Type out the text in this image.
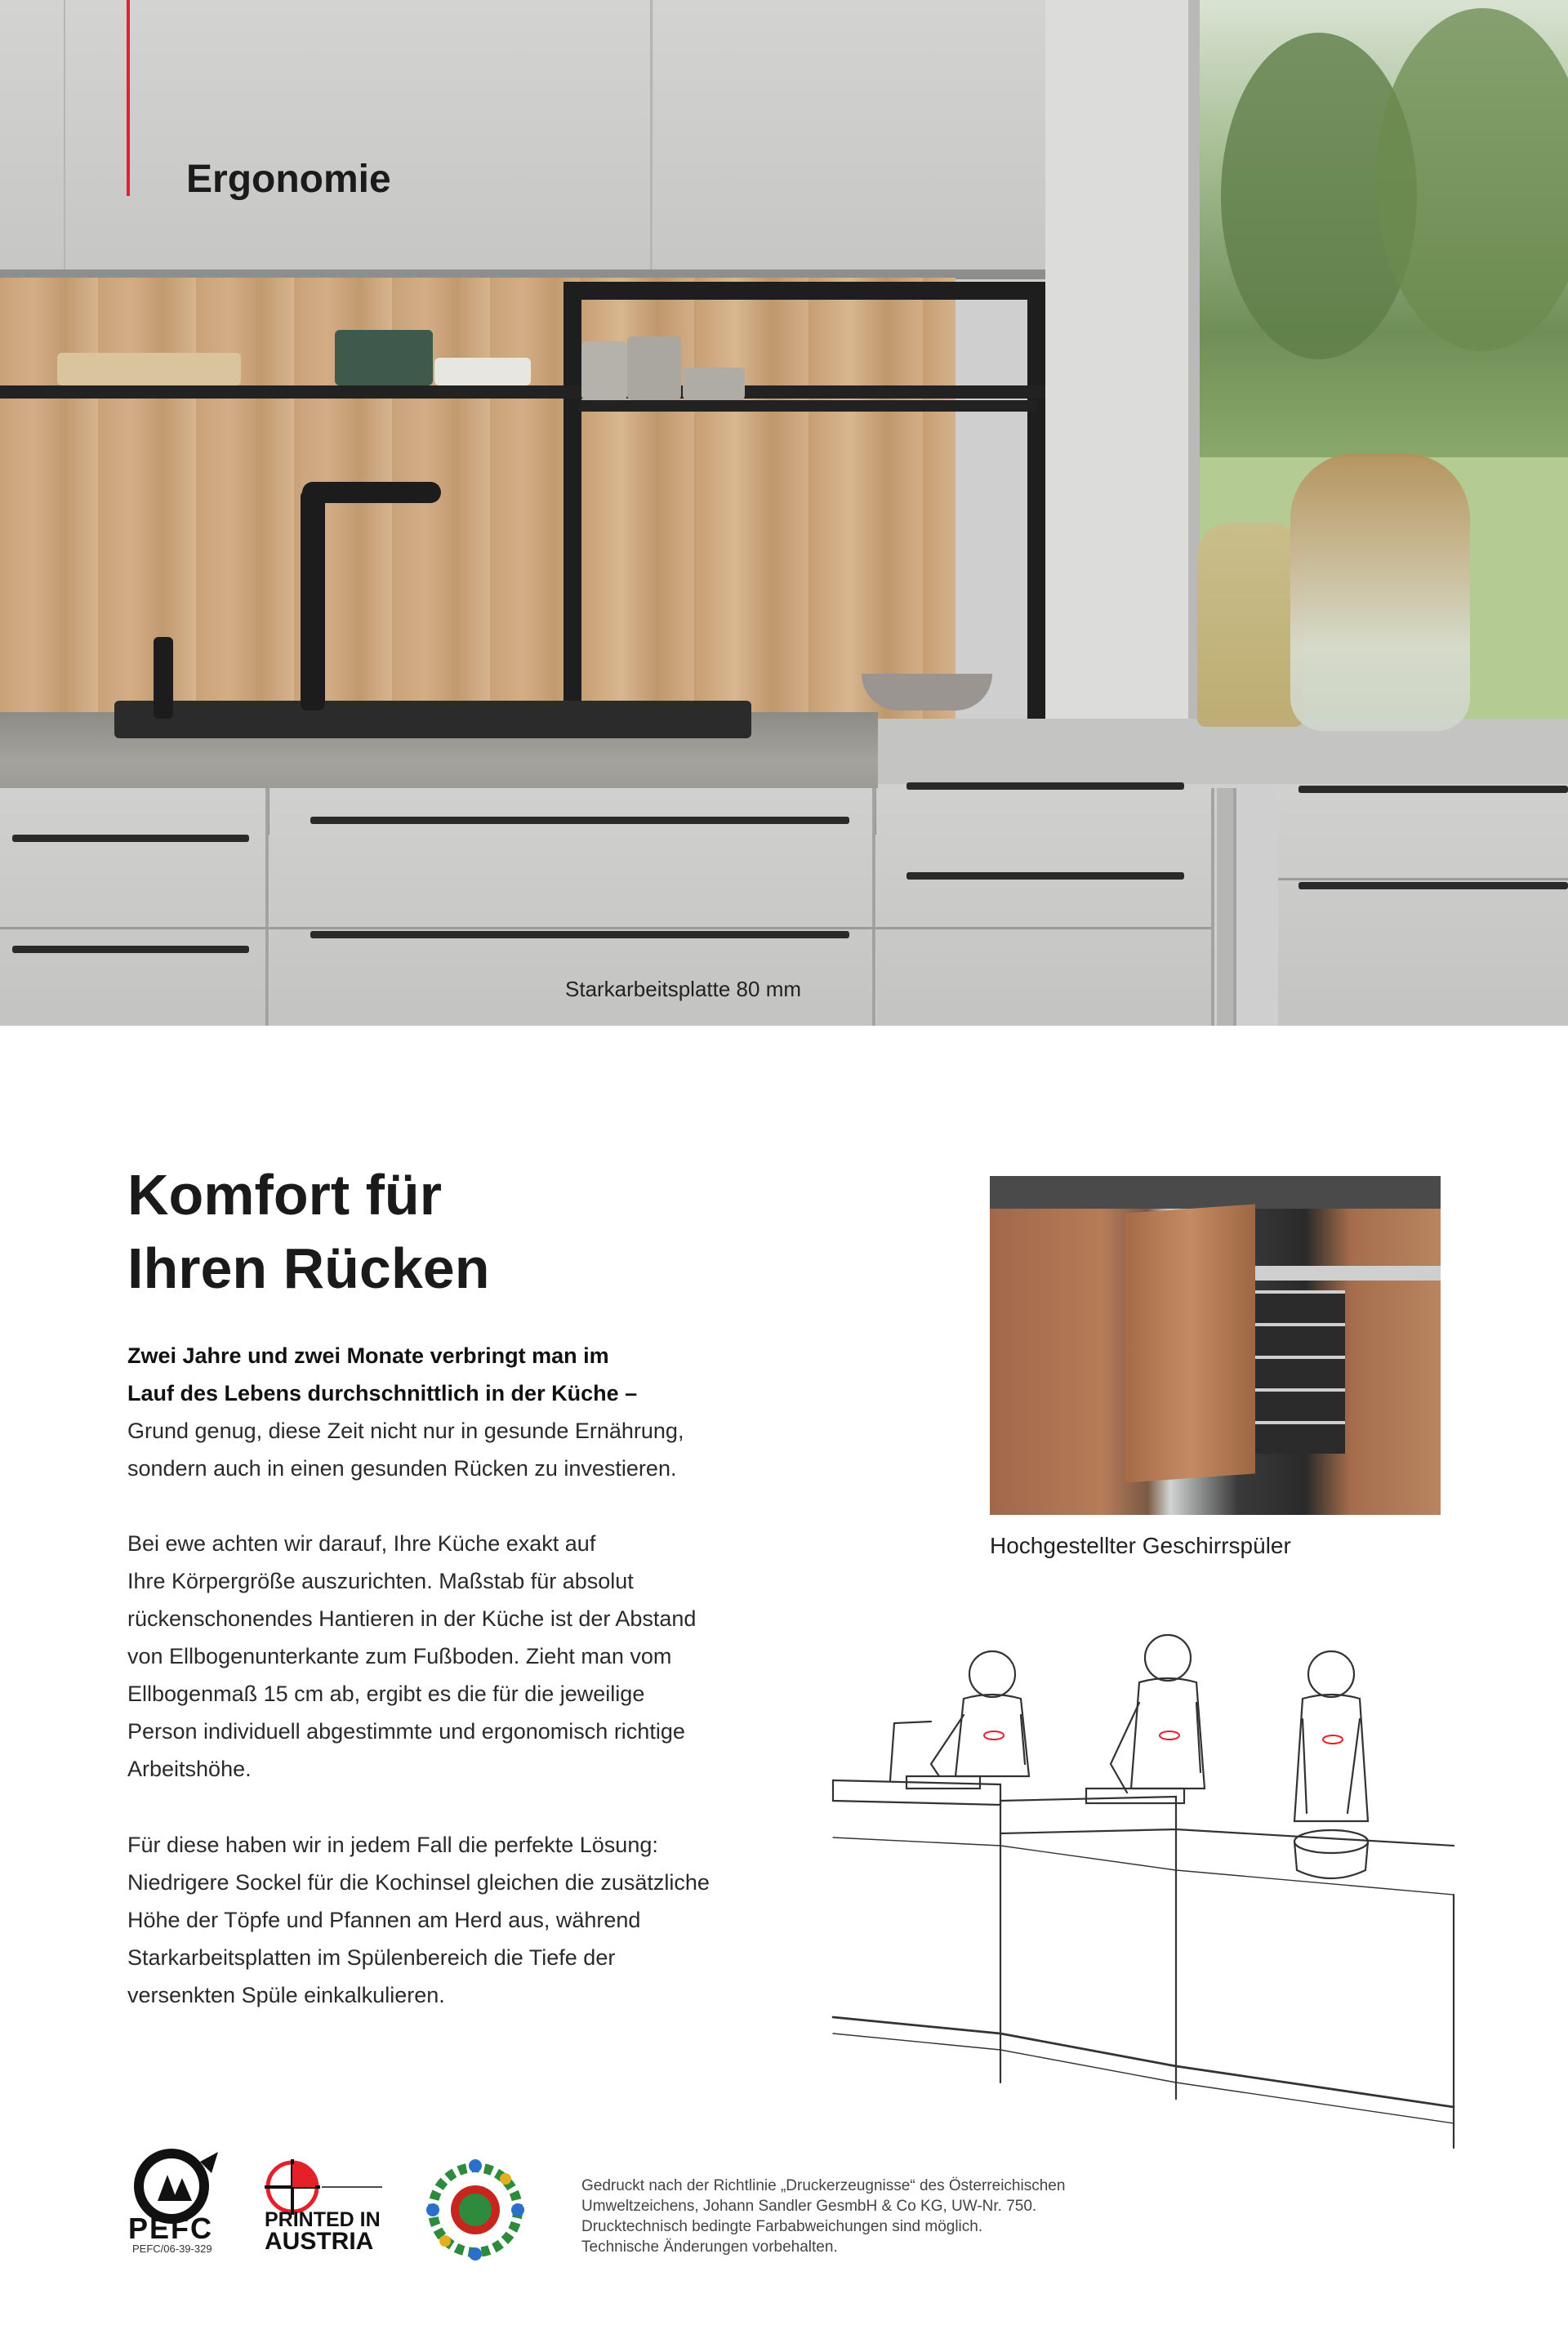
Ergonomie
Starkarbeitsplatte 80 mm
Komfort für
Ihren Rücken

Zwei Jahre und zwei Monate verbringt man im
Lauf des Lebens durchschnittlich in der Küche –
Grund genug, diese Zeit nicht nur in gesunde Ernährung,
sondern auch in einen gesunden Rücken zu investieren.

Bei ewe achten wir darauf, Ihre Küche exakt auf
Ihre Körpergröße auszurichten. Maßstab für absolut
rückenschonendes Hantieren in der Küche ist der Abstand
von Ellbogenunterkante zum Fußboden. Zieht man vom
Ellbogenmaß 15 cm ab, ergibt es die für die jeweilige
Person individuell abgestimmte und ergonomisch richtige
Arbeitshöhe.

Für diese haben wir in jedem Fall die perfekte Lösung:
Niedrigere Sockel für die Kochinsel gleichen die zusätzliche
Höhe der Töpfe und Pfannen am Herd aus, während
Starkarbeitsplatten im Spülenbereich die Tiefe der
versenkten Spüle einkalkulieren.

Hochgestellter Geschirrspüler
PEFC
PEFC/06-39-329
PRINTED IN
AUSTRIA
Gedruckt nach der Richtlinie „Druckerzeugnisse“ des Österreichischen
Umweltzeichens, Johann Sandler GesmbH & Co KG, UW-Nr. 750.
Drucktechnisch bedingte Farbabweichungen sind möglich.
Technische Änderungen vorbehalten.
